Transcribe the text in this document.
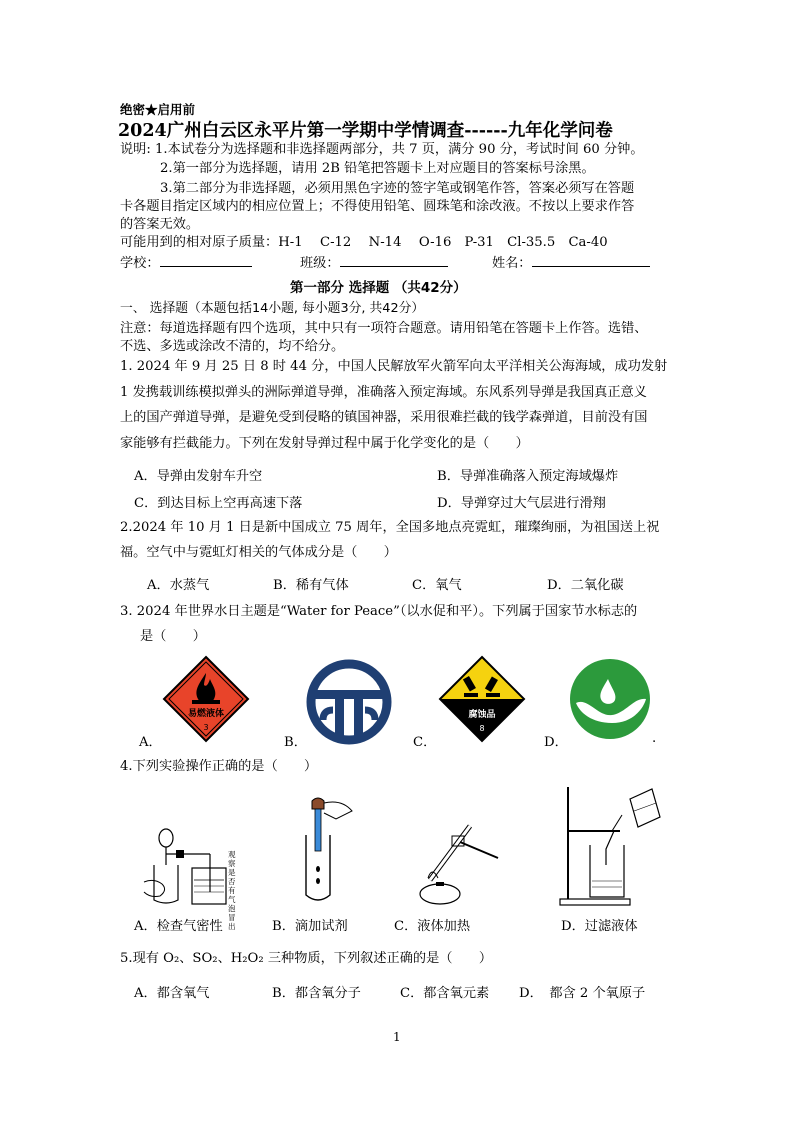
绝密★启用前
2024广州白云区永平片第一学期中学情调查------九年化学问卷
说明: 1.本试卷分为选择题和非选择题两部分，共 7 页，满分 90 分，考试时间 60 分钟。
2.第一部分为选择题，请用 2B 铅笔把答题卡上对应题目的答案标号涂黑。
3.第二部分为非选择题，必须用黑色字迹的签字笔或钢笔作答，答案必须写在答题
卡各题目指定区域内的相应位置上；不得使用铅笔、圆珠笔和涂改液。不按以上要求作答
的答案无效。
可能用到的相对原子质量：H-1　 C-12　 N-14　 O-16　P-31　Cl-35.5　Ca-40
学校：	班级：	姓名：
第一部分 选择题 （共42分）
一、 选择题（本题包括14小题, 每小题3分, 共42分）
注意：每道选择题有四个选项，其中只有一项符合题意。请用铅笔在答题卡上作答。选错、
不选、多选或涂改不清的，均不给分。
1. 2024 年 9 月 25 日 8 时 44 分，中国人民解放军火箭军向太平洋相关公海海域，成功发射
1 发携载训练模拟弹头的洲际弹道导弹，准确落入预定海域。东风系列导弹是我国真正意义
上的国产弹道导弹，是避免受到侵略的镇国神器，采用很难拦截的钱学森弹道，目前没有国
家能够有拦截能力。下列在发射导弹过程中属于化学变化的是（　　）
A．导弹由发射车升空	B．导弹准确落入预定海域爆炸
C．到达目标上空再高速下落	D．导弹穿过大气层进行滑翔
2.2024 年 10 月 1 日是新中国成立 75 周年，全国多地点亮霓虹，璀璨绚丽，为祖国送上祝
福。空气中与霓虹灯相关的气体成分是（　　）
A．水蒸气	B．稀有气体	C．氧气	D．二氧化碳
3. 2024 年世界水日主题是“Water for Peace”（以水促和平）。下列属于国家节水标志的
是（　　）
易燃液体
3
腐蚀品
8
A．	B．	C．	D．	.
4.下列实验操作正确的是（　　）
观察是否有气泡冒出
A．检查气密性	B．滴加试剂	C．液体加热	D．过滤液体
5.现有 O₂、SO₂、H₂O₂ 三种物质，下列叙述正确的是（　　）
A．都含氧气	B．都含氧分子	C．都含氧元素 D．　都含 2 个氧原子
1
